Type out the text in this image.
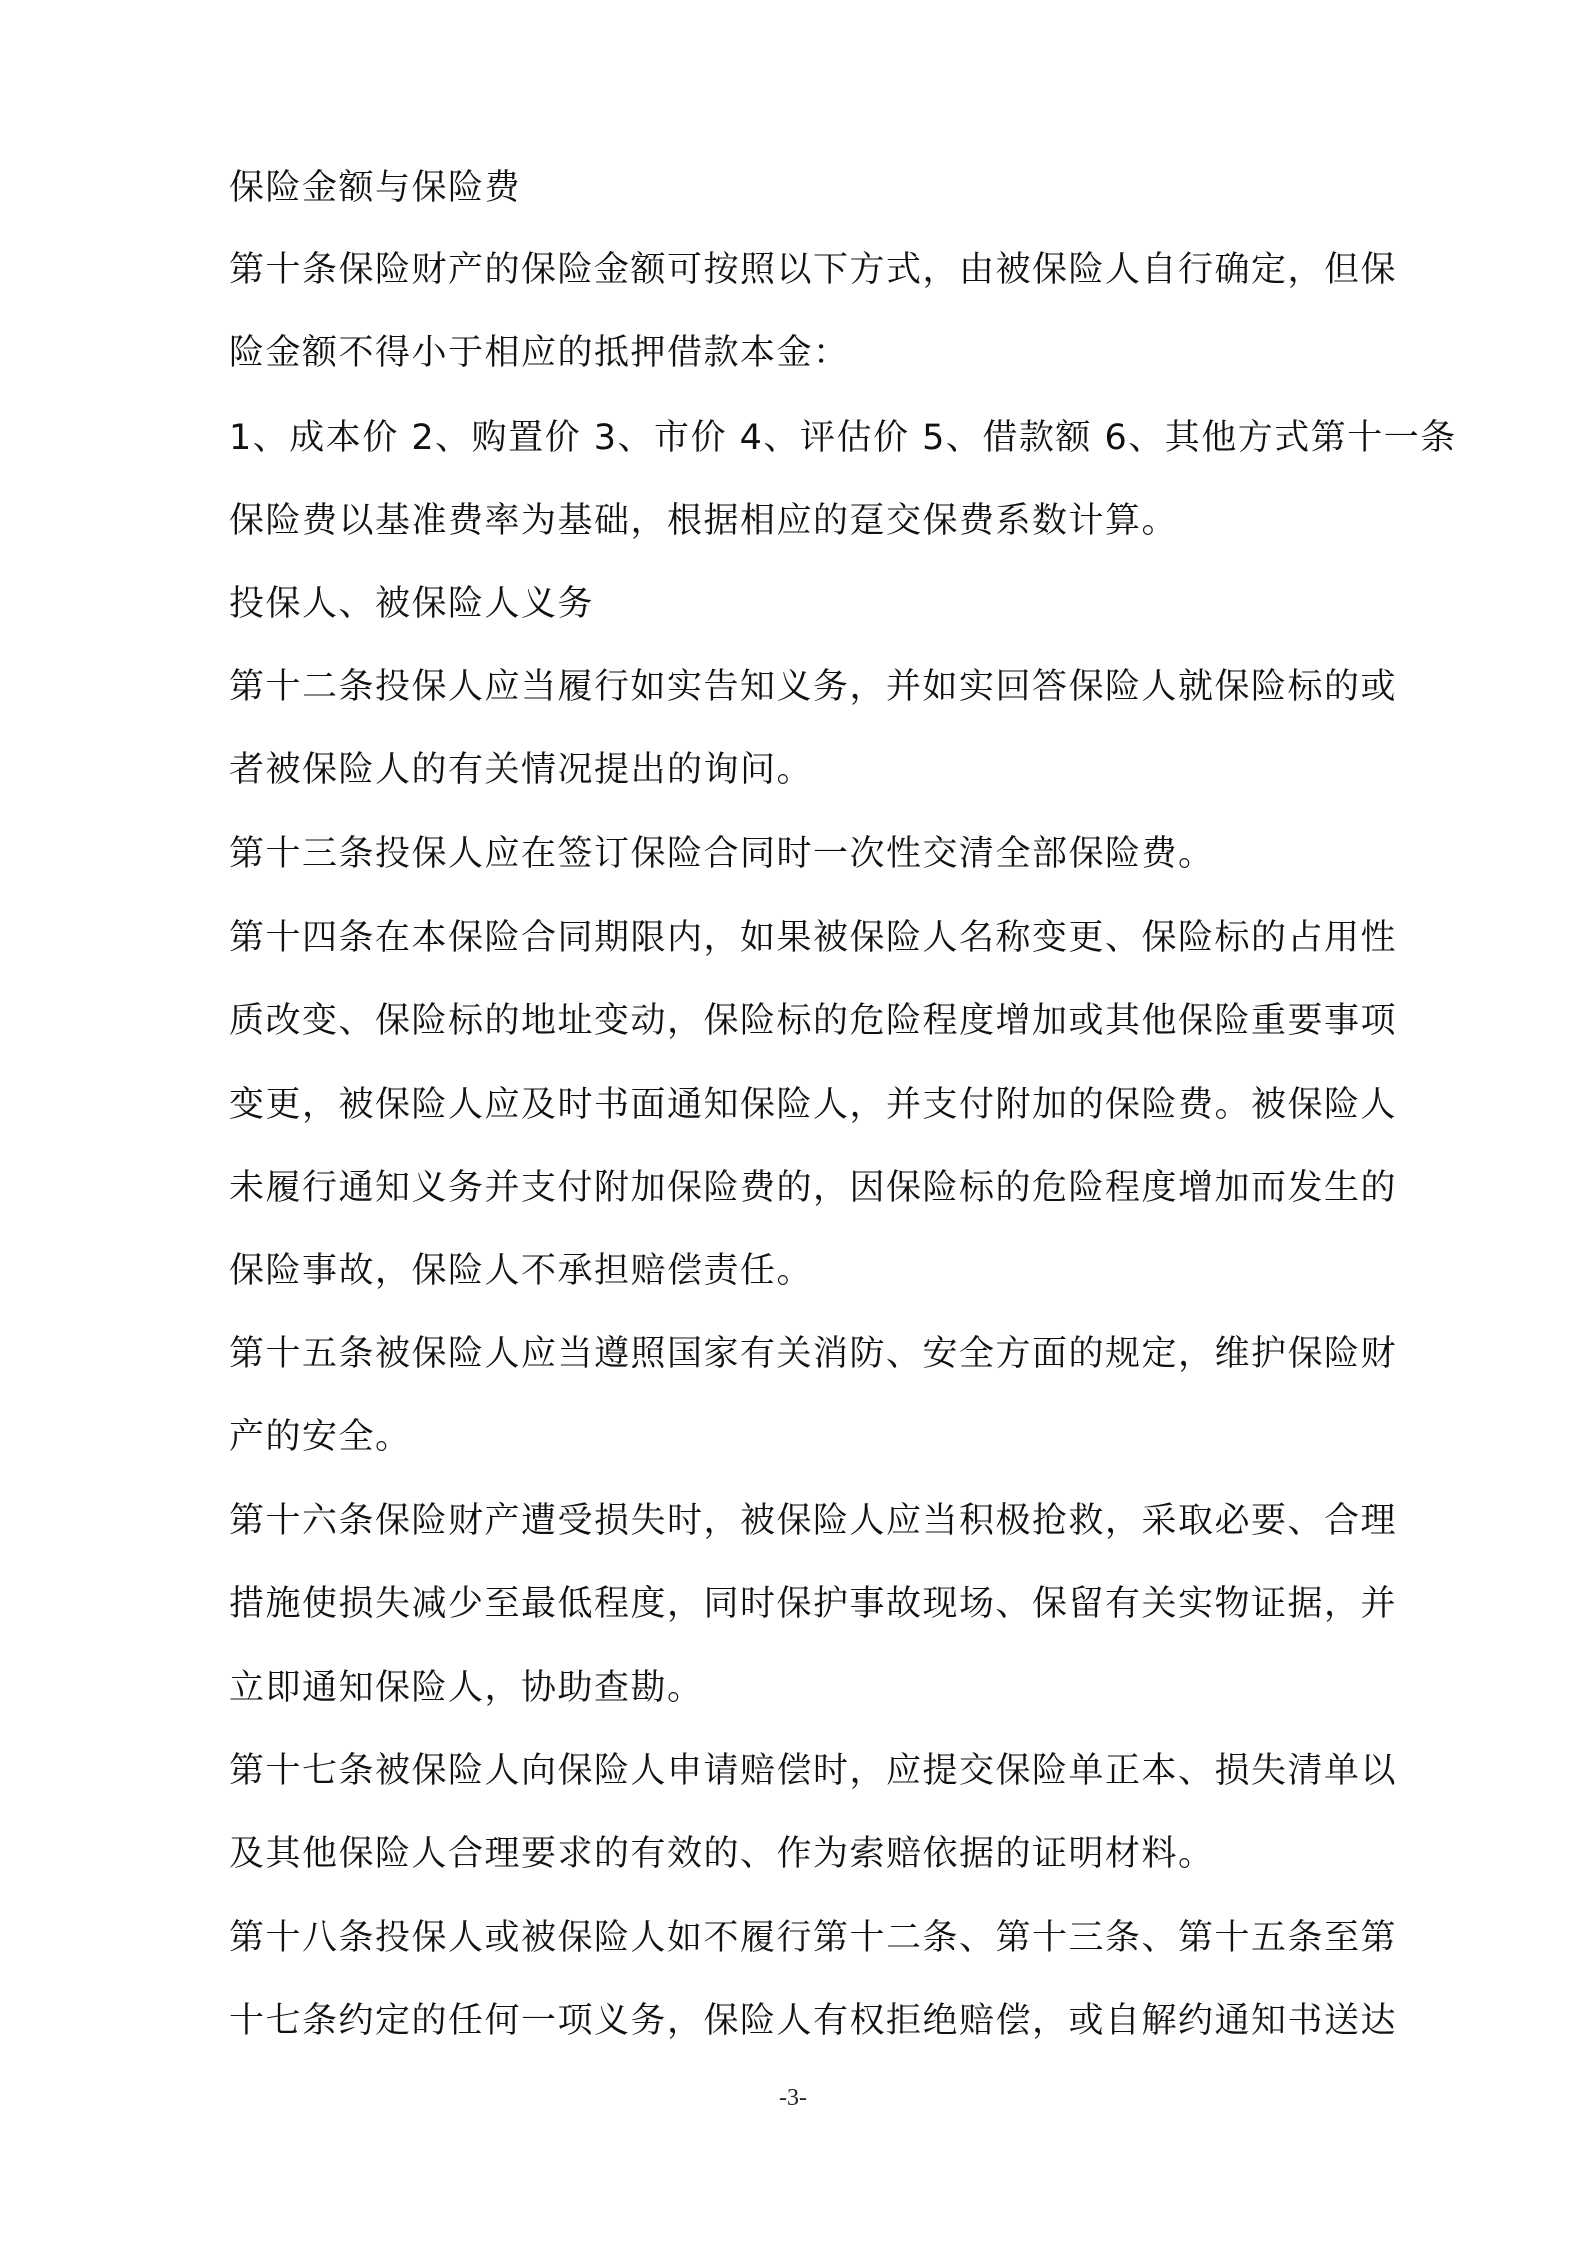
保险金额与保险费

第十条保险财产的保险金额可按照以下方式，由被保险人自行确定，但保

险金额不得小于相应的抵押借款本金：

1、成本价 2、购置价 3、市价 4、评估价 5、借款额 6、其他方式第十一条

保险费以基准费率为基础，根据相应的趸交保费系数计算。

投保人、被保险人义务

第十二条投保人应当履行如实告知义务，并如实回答保险人就保险标的或

者被保险人的有关情况提出的询问。

第十三条投保人应在签订保险合同时一次性交清全部保险费。

第十四条在本保险合同期限内，如果被保险人名称变更、保险标的占用性

质改变、保险标的地址变动，保险标的危险程度增加或其他保险重要事项

变更，被保险人应及时书面通知保险人，并支付附加的保险费。被保险人

未履行通知义务并支付附加保险费的，因保险标的危险程度增加而发生的

保险事故，保险人不承担赔偿责任。

第十五条被保险人应当遵照国家有关消防、安全方面的规定，维护保险财

产的安全。

第十六条保险财产遭受损失时，被保险人应当积极抢救，采取必要、合理

措施使损失减少至最低程度，同时保护事故现场、保留有关实物证据，并

立即通知保险人，协助查勘。

第十七条被保险人向保险人申请赔偿时，应提交保险单正本、损失清单以

及其他保险人合理要求的有效的、作为索赔依据的证明材料。

第十八条投保人或被保险人如不履行第十二条、第十三条、第十五条至第

十七条约定的任何一项义务，保险人有权拒绝赔偿，或自解约通知书送达

-3-
